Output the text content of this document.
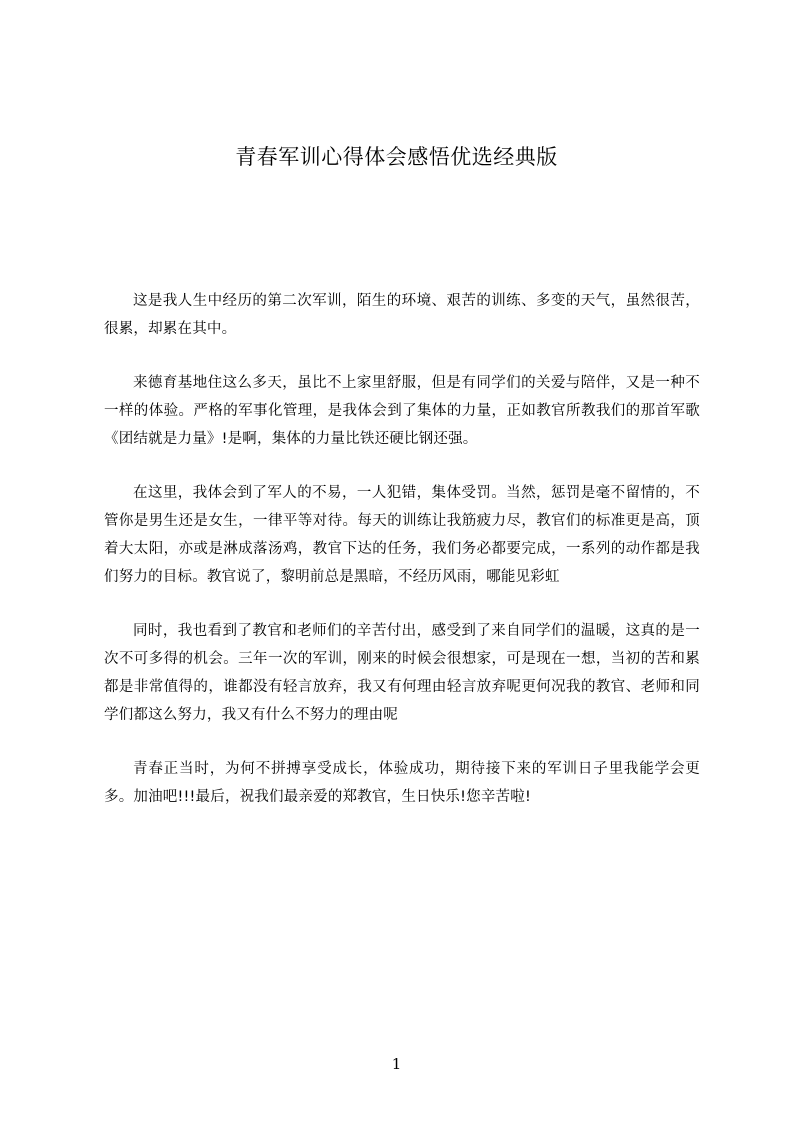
青春军训心得体会感悟优选经典版

这是我人生中经历的第二次军训，陌生的环境、艰苦的训练、多变的天气，虽然很苦，很累，却累在其中。

来德育基地住这么多天，虽比不上家里舒服，但是有同学们的关爱与陪伴，又是一种不一样的体验。严格的军事化管理，是我体会到了集体的力量，正如教官所教我们的那首军歌《团结就是力量》!是啊，集体的力量比铁还硬比钢还强。

在这里，我体会到了军人的不易，一人犯错，集体受罚。当然，惩罚是毫不留情的，不管你是男生还是女生，一律平等对待。每天的训练让我筋疲力尽，教官们的标准更是高，顶着大太阳，亦或是淋成落汤鸡，教官下达的任务，我们务必都要完成，一系列的动作都是我们努力的目标。教官说了，黎明前总是黑暗，不经历风雨，哪能见彩虹

同时，我也看到了教官和老师们的辛苦付出，感受到了来自同学们的温暖，这真的是一次不可多得的机会。三年一次的军训，刚来的时候会很想家，可是现在一想，当初的苦和累都是非常值得的，谁都没有轻言放弃，我又有何理由轻言放弃呢更何况我的教官、老师和同学们都这么努力，我又有什么不努力的理由呢

青春正当时，为何不拼搏享受成长，体验成功，期待接下来的军训日子里我能学会更多。加油吧!!!最后，祝我们最亲爱的郑教官，生日快乐!您辛苦啦!

1
